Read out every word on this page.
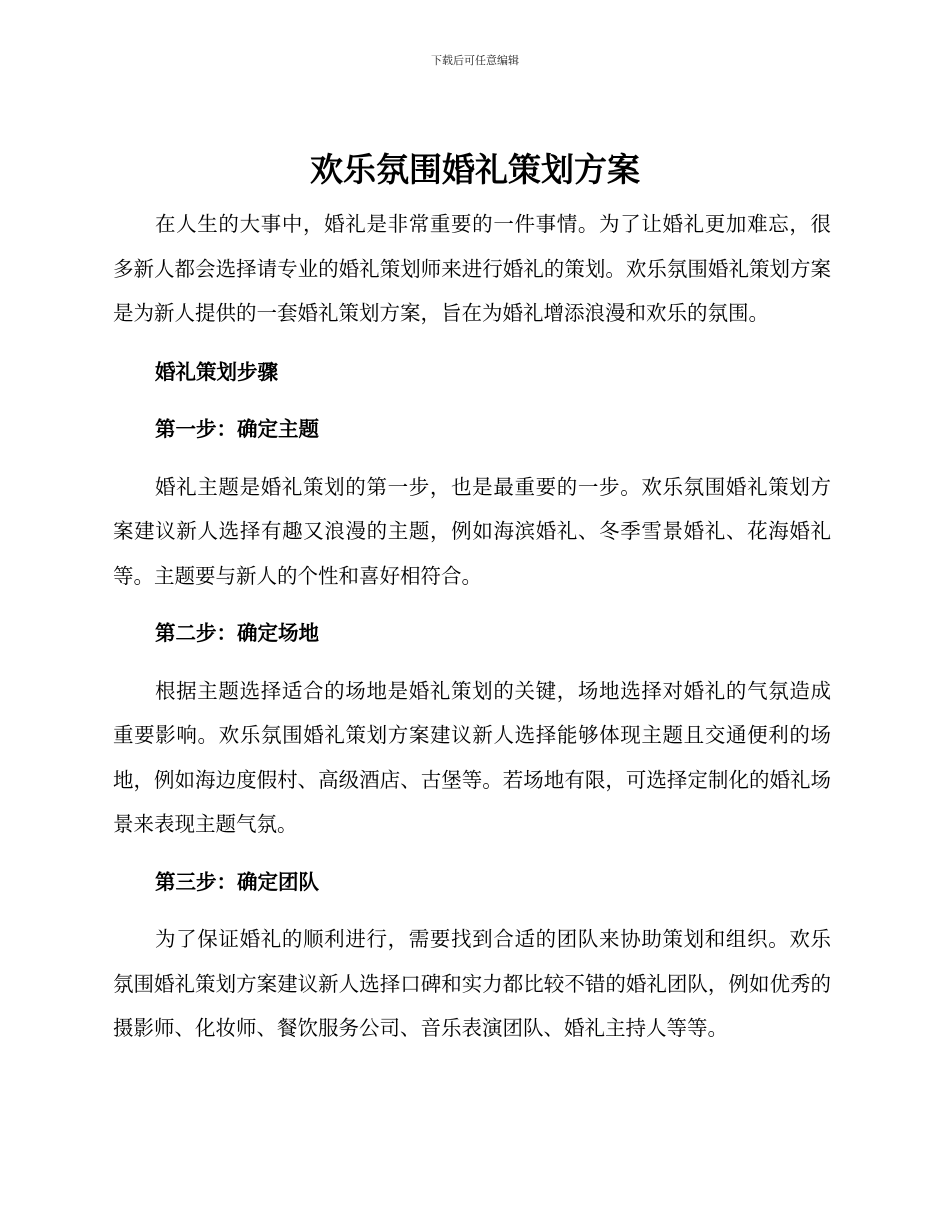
下载后可任意编辑
欢乐氛围婚礼策划方案

在人生的大事中，婚礼是非常重要的一件事情。为了让婚礼更加难忘，很多新人都会选择请专业的婚礼策划师来进行婚礼的策划。欢乐氛围婚礼策划方案是为新人提供的一套婚礼策划方案，旨在为婚礼增添浪漫和欢乐的氛围。

婚礼策划步骤

第一步：确定主题

婚礼主题是婚礼策划的第一步，也是最重要的一步。欢乐氛围婚礼策划方案建议新人选择有趣又浪漫的主题，例如海滨婚礼、冬季雪景婚礼、花海婚礼等。主题要与新人的个性和喜好相符合。

第二步：确定场地

根据主题选择适合的场地是婚礼策划的关键，场地选择对婚礼的气氛造成重要影响。欢乐氛围婚礼策划方案建议新人选择能够体现主题且交通便利的场地，例如海边度假村、高级酒店、古堡等。若场地有限，可选择定制化的婚礼场景来表现主题气氛。

第三步：确定团队

为了保证婚礼的顺利进行，需要找到合适的团队来协助策划和组织。欢乐氛围婚礼策划方案建议新人选择口碑和实力都比较不错的婚礼团队，例如优秀的摄影师、化妆师、餐饮服务公司、音乐表演团队、婚礼主持人等等。
